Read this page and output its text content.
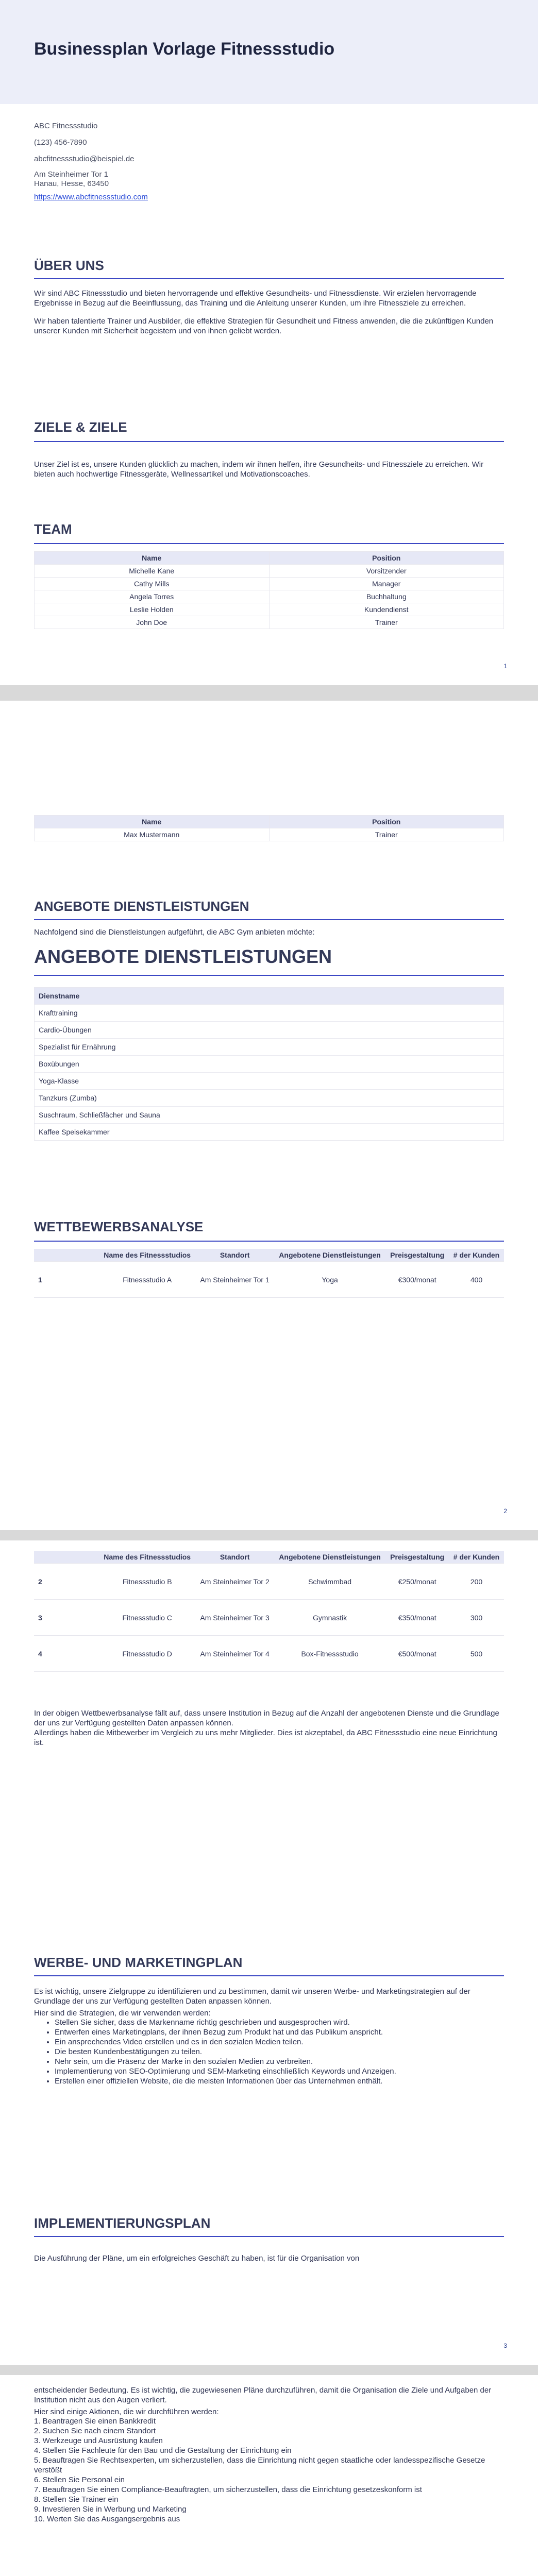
Businessplan Vorlage Fitnessstudio
ABC Fitnessstudio
(123) 456-7890
abcfitnessstudio@beispiel.de
Am Steinheimer Tor 1
Hanau, Hesse, 63450
https://www.abcfitnessstudio.com
ÜBER UNS

Wir sind ABC Fitnessstudio und bieten hervorragende und effektive Gesundheits- und Fitnessdienste. Wir erzielen hervorragende Ergebnisse in Bezug auf die Beeinflussung, das Training und die Anleitung unserer Kunden, um ihre Fitnessziele zu erreichen.

Wir haben talentierte Trainer und Ausbilder, die effektive Strategien für Gesundheit und Fitness anwenden, die die zukünftigen Kunden unserer Kunden mit Sicherheit begeistern und von ihnen geliebt werden.

ZIELE & ZIELE

Unser Ziel ist es, unsere Kunden glücklich zu machen, indem wir ihnen helfen, ihre Gesundheits- und Fitnessziele zu erreichen. Wir bieten auch hochwertige Fitnessgeräte, Wellnessartikel und Motivationscoaches.

TEAM
Name	Position
Michelle Kane	Vorsitzender
Cathy Mills	Manager
Angela Torres	Buchhaltung
Leslie Holden	Kundendienst
John Doe	Trainer
1
Name	Position
Max Mustermann	Trainer
ANGEBOTE DIENSTLEISTUNGEN

Nachfolgend sind die Dienstleistungen aufgeführt, die ABC Gym anbieten möchte:

ANGEBOTE DIENSTLEISTUNGEN
Dienstname
Krafttraining
Cardio-Übungen
Spezialist für Ernährung
Boxübungen
Yoga-Klasse
Tanzkurs (Zumba)
Suschraum, Schließfächer und Sauna
Kaffee Speisekammer
WETTBEWERBSANALYSE
	Name des Fitnessstudios	Standort	Angebotene Dienstleistungen	Preisgestaltung	# der Kunden
1	Fitnessstudio A	Am Steinheimer Tor 1	Yoga	€300/monat	400
2
	Name des Fitnessstudios	Standort	Angebotene Dienstleistungen	Preisgestaltung	# der Kunden
2	Fitnessstudio B	Am Steinheimer Tor 2	Schwimmbad	€250/monat	200
3	Fitnessstudio C	Am Steinheimer Tor 3	Gymnastik	€350/monat	300
4	Fitnessstudio D	Am Steinheimer Tor 4	Box-Fitnessstudio	€500/monat	500

In der obigen Wettbewerbsanalyse fällt auf, dass unsere Institution in Bezug auf die Anzahl der angebotenen Dienste und die Grundlage der uns zur Verfügung gestellten Daten anpassen können.

Allerdings haben die Mitbewerber im Vergleich zu uns mehr Mitglieder. Dies ist akzeptabel, da ABC Fitnessstudio eine neue Einrichtung ist.

WERBE- UND MARKETINGPLAN

Es ist wichtig, unsere Zielgruppe zu identifizieren und zu bestimmen, damit wir unseren Werbe- und Marketingstrategien auf der Grundlage der uns zur Verfügung gestellten Daten anpassen können.

Hier sind die Strategien, die wir verwenden werden:

• Stellen Sie sicher, dass die Markenname richtig geschrieben und ausgesprochen wird.
• Entwerfen eines Marketingplans, der ihnen Bezug zum Produkt hat und das Publikum anspricht.
• Ein ansprechendes Video erstellen und es in den sozialen Medien teilen.
• Die besten Kundenbestätigungen zu teilen.
• Nehr sein, um die Präsenz der Marke in den sozialen Medien zu verbreiten.
• Implementierung von SEO-Optimierung und SEM-Marketing einschließlich Keywords und Anzeigen.
• Erstellen einer offiziellen Website, die die meisten Informationen über das Unternehmen enthält.
IMPLEMENTIERUNGSPLAN

Die Ausführung der Pläne, um ein erfolgreiches Geschäft zu haben, ist für die Organisation von

3

entscheidender Bedeutung. Es ist wichtig, die zugewiesenen Pläne durchzuführen, damit die Organisation die Ziele und Aufgaben der Institution nicht aus den Augen verliert.

Hier sind einige Aktionen, die wir durchführen werden:

1. Beantragen Sie einen Bankkredit
2. Suchen Sie nach einem Standort
3. Werkzeuge und Ausrüstung kaufen
4. Stellen Sie Fachleute für den Bau und die Gestaltung der Einrichtung ein
5. Beauftragen Sie Rechtsexperten, um sicherzustellen, dass die Einrichtung nicht gegen staatliche oder landesspezifische Gesetze verstößt
6. Stellen Sie Personal ein
7. Beauftragen Sie einen Compliance-Beauftragten, um sicherzustellen, dass die Einrichtung gesetzeskonform ist
8. Stellen Sie Trainer ein
9. Investieren Sie in Werbung und Marketing
10. Werten Sie das Ausgangsergebnis aus
